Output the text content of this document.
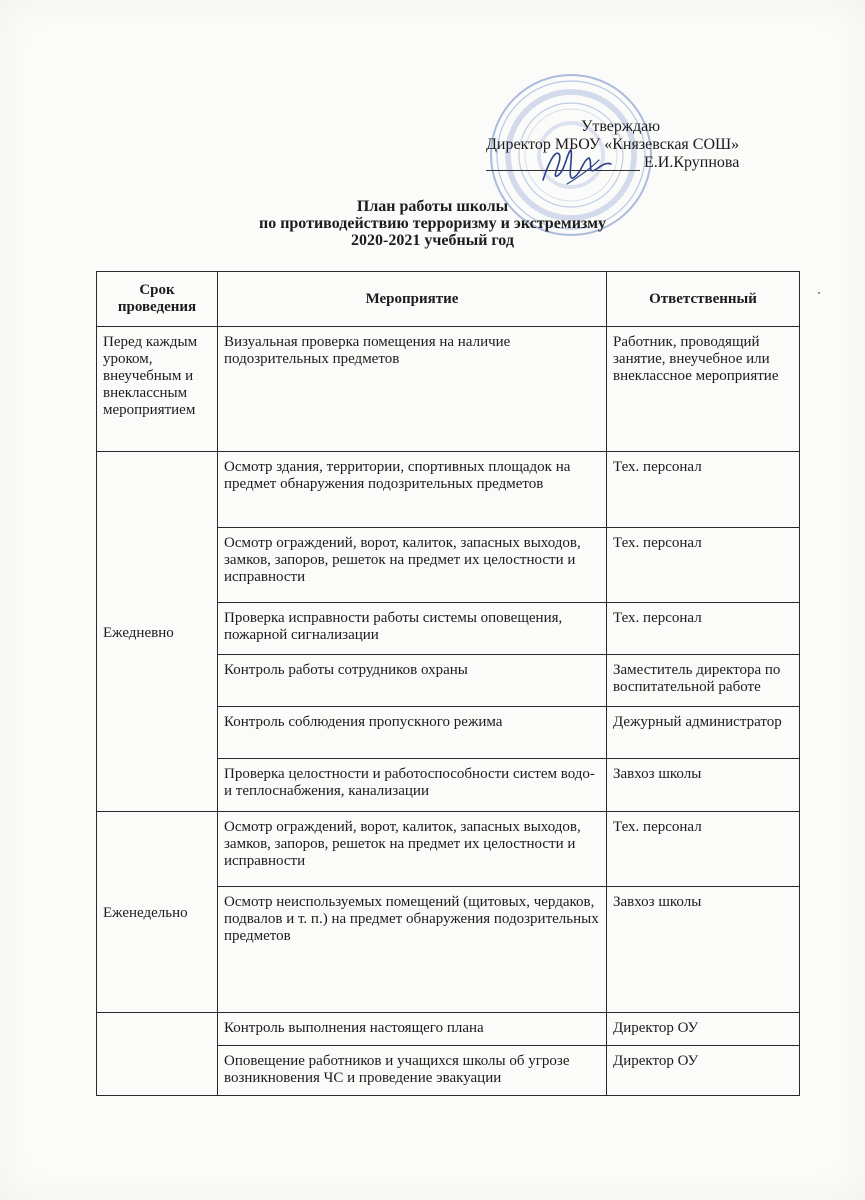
Утверждаю
Директор МБОУ «Князевская СОШ»
Е.И.Крупнова
План работы школы
по противодействию терроризму и экстремизму
2020-2021 учебный год
Срок проведения	Мероприятие	Ответственный
Перед каждым уроком, внеучебным и внеклассным мероприятием	Визуальная проверка помещения на наличие подозрительных предметов	Работник, проводящий занятие, внеучебное или внеклассное мероприятие
Ежедневно	Осмотр здания, территории, спортивных площадок на предмет обнаружения подозрительных предметов	Тех. персонал
	Осмотр ограждений, ворот, калиток, запасных выходов, замков, запоров, решеток на предмет их целостности и исправности	Тех. персонал
	Проверка исправности работы системы оповещения, пожарной сигнализации	Тех. персонал
	Контроль работы сотрудников охраны	Заместитель директора по воспитательной работе
	Контроль соблюдения пропускного режима	Дежурный администратор
	Проверка целостности и работоспособности систем водо- и теплоснабжения, канализации	Завхоз школы
Еженедельно	Осмотр ограждений, ворот, калиток, запасных выходов, замков, запоров, решеток на предмет их целостности и исправности	Тех. персонал
	Осмотр неиспользуемых помещений (щитовых, чердаков, подвалов и т. п.) на предмет обнаружения подозрительных предметов	Завхоз школы
	Контроль выполнения настоящего плана	Директор ОУ
	Оповещение работников и учащихся школы об угрозе возникновения ЧС и проведение эвакуации	Директор ОУ
